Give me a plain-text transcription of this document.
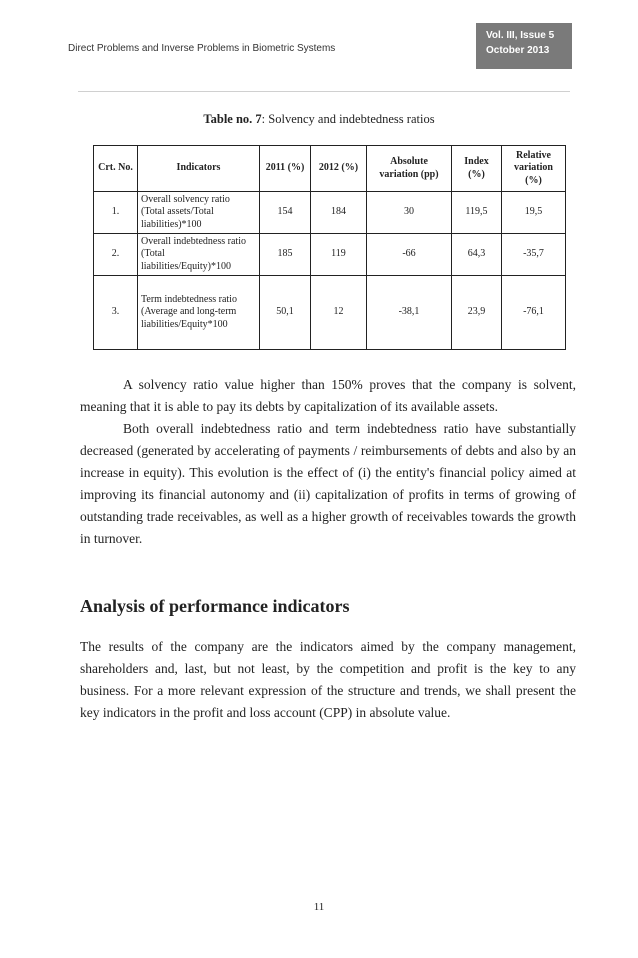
Direct Problems and Inverse Problems in Biometric Systems
Vol. III, Issue 5
October 2013
Table no. 7: Solvency and indebtedness ratios
Crt. No.	Indicators	2011 (%)	2012 (%)	Absolute variation (pp)	Index (%)	Relative variation (%)
1.	Overall solvency ratio (Total assets/Total liabilities)*100	154	184	30	119,5	19,5
2.	Overall indebtedness ratio (Total liabilities/Equity)*100	185	119	-66	64,3	-35,7
3.	Term indebtedness ratio (Average and long-term liabilities/Equity*100	50,1	12	-38,1	23,9	-76,1

A solvency ratio value higher than 150% proves that the company is solvent, meaning that it is able to pay its debts by capitalization of its available assets.

Both overall indebtedness ratio and term indebtedness ratio have substantially decreased (generated by accelerating of payments / reimbursements of debts and also by an increase in equity). This evolution is the effect of (i) the entity's financial policy aimed at improving its financial autonomy and (ii) capitalization of profits in terms of growing of outstanding trade receivables, as well as a higher growth of receivables towards the growth in turnover.

Analysis of performance indicators

The results of the company are the indicators aimed by the company management, shareholders and, last, but not least, by the competition and profit is the key to any business. For a more relevant expression of the structure and trends, we shall present the key indicators in the profit and loss account (CPP) in absolute value.

11
